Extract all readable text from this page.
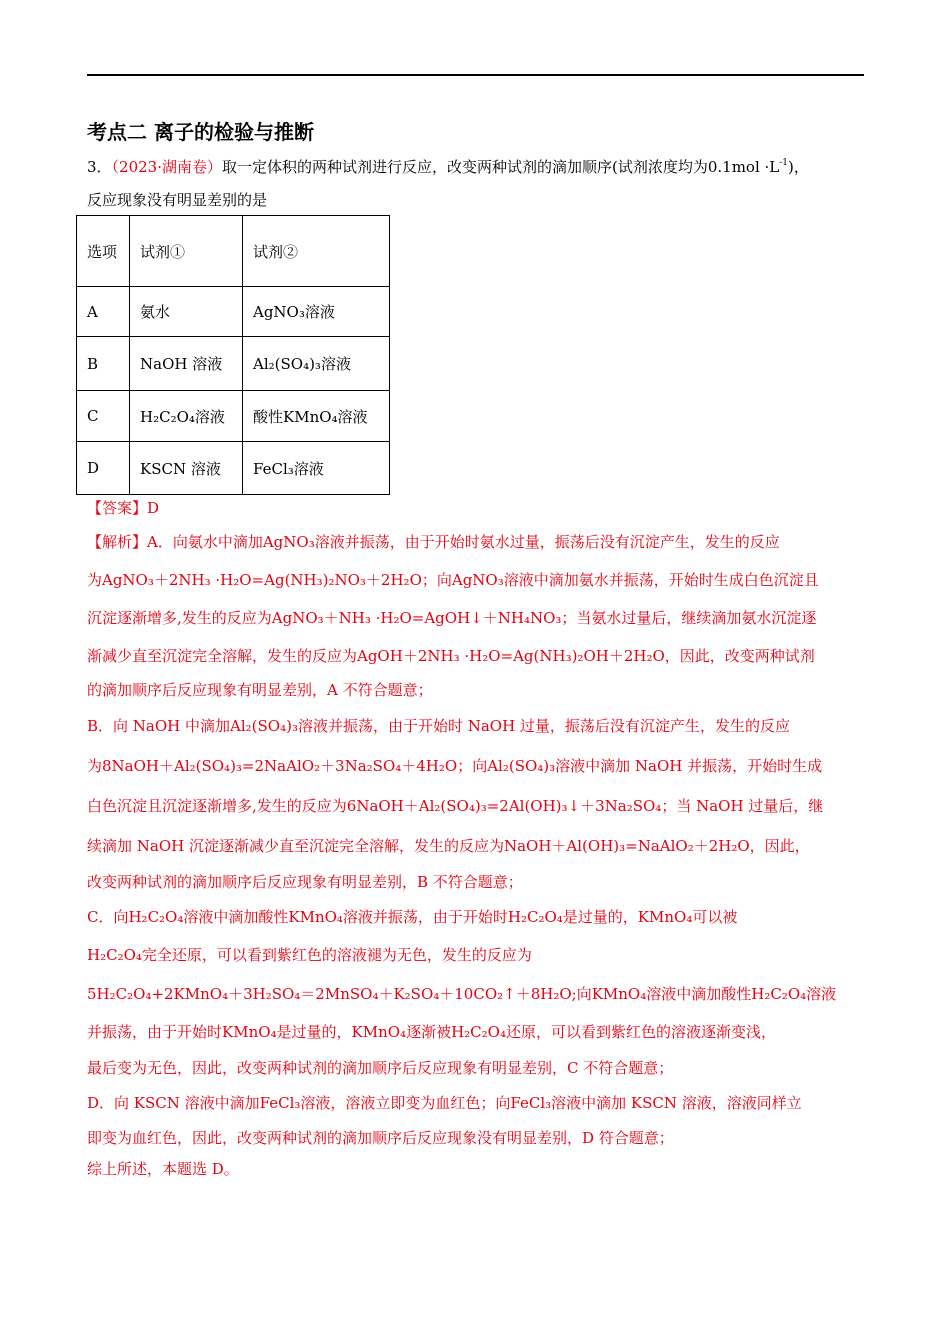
考点二 离子的检验与推断
3．（2023·湖南卷）取一定体积的两种试剂进行反应，改变两种试剂的滴加顺序(试剂浓度均为$0.1mol \cdot L^{-1}$)，
反应现象没有明显差别的是
选项	试剂①	试剂②
A	氨水	AgNO₃溶液
B	NaOH 溶液	Al₂(SO₄)₃溶液
C	H₂C₂O₄溶液	酸性KMnO₄溶液
D	KSCN 溶液	FeCl₃溶液
【答案】D
【解析】A．向氨水中滴加AgNO₃溶液并振荡，由于开始时氨水过量，振荡后没有沉淀产生，发生的反应
为AgNO₃＋2NH₃ ·H₂O=Ag(NH₃)₂NO₃＋2H₂O；向AgNO₃溶液中滴加氨水并振荡，开始时生成白色沉淀且
沉淀逐渐增多,发生的反应为AgNO₃＋NH₃ ·H₂O=AgOH↓＋NH₄NO₃；当氨水过量后，继续滴加氨水沉淀逐
渐减少直至沉淀完全溶解，发生的反应为AgOH＋2NH₃ ·H₂O=Ag(NH₃)₂OH＋2H₂O，因此，改变两种试剂
的滴加顺序后反应现象有明显差别，A 不符合题意；
B．向 NaOH 中滴加Al₂(SO₄)₃溶液并振荡，由于开始时 NaOH 过量，振荡后没有沉淀产生，发生的反应
为8NaOH＋Al₂(SO₄)₃=2NaAlO₂＋3Na₂SO₄＋4H₂O；向Al₂(SO₄)₃溶液中滴加 NaOH 并振荡，开始时生成
白色沉淀且沉淀逐渐增多,发生的反应为6NaOH＋Al₂(SO₄)₃=2Al(OH)₃↓＋3Na₂SO₄；当 NaOH 过量后，继
续滴加 NaOH 沉淀逐渐减少直至沉淀完全溶解，发生的反应为NaOH＋Al(OH)₃=NaAlO₂＋2H₂O，因此，
改变两种试剂的滴加顺序后反应现象有明显差别，B 不符合题意；
C．向H₂C₂O₄溶液中滴加酸性KMnO₄溶液并振荡，由于开始时H₂C₂O₄是过量的，KMnO₄可以被
H₂C₂O₄完全还原，可以看到紫红色的溶液褪为无色，发生的反应为
5H₂C₂O₄+2KMnO₄＋3H₂SO₄＝2MnSO₄＋K₂SO₄＋10CO₂↑＋8H₂O;向KMnO₄溶液中滴加酸性H₂C₂O₄溶液
并振荡，由于开始时KMnO₄是过量的，KMnO₄逐渐被H₂C₂O₄还原，可以看到紫红色的溶液逐渐变浅，
最后变为无色，因此，改变两种试剂的滴加顺序后反应现象有明显差别，C 不符合题意；
D．向 KSCN 溶液中滴加FeCl₃溶液，溶液立即变为血红色；向FeCl₃溶液中滴加 KSCN 溶液，溶液同样立
即变为血红色，因此，改变两种试剂的滴加顺序后反应现象没有明显差别，D 符合题意；
综上所述，本题选 D。
